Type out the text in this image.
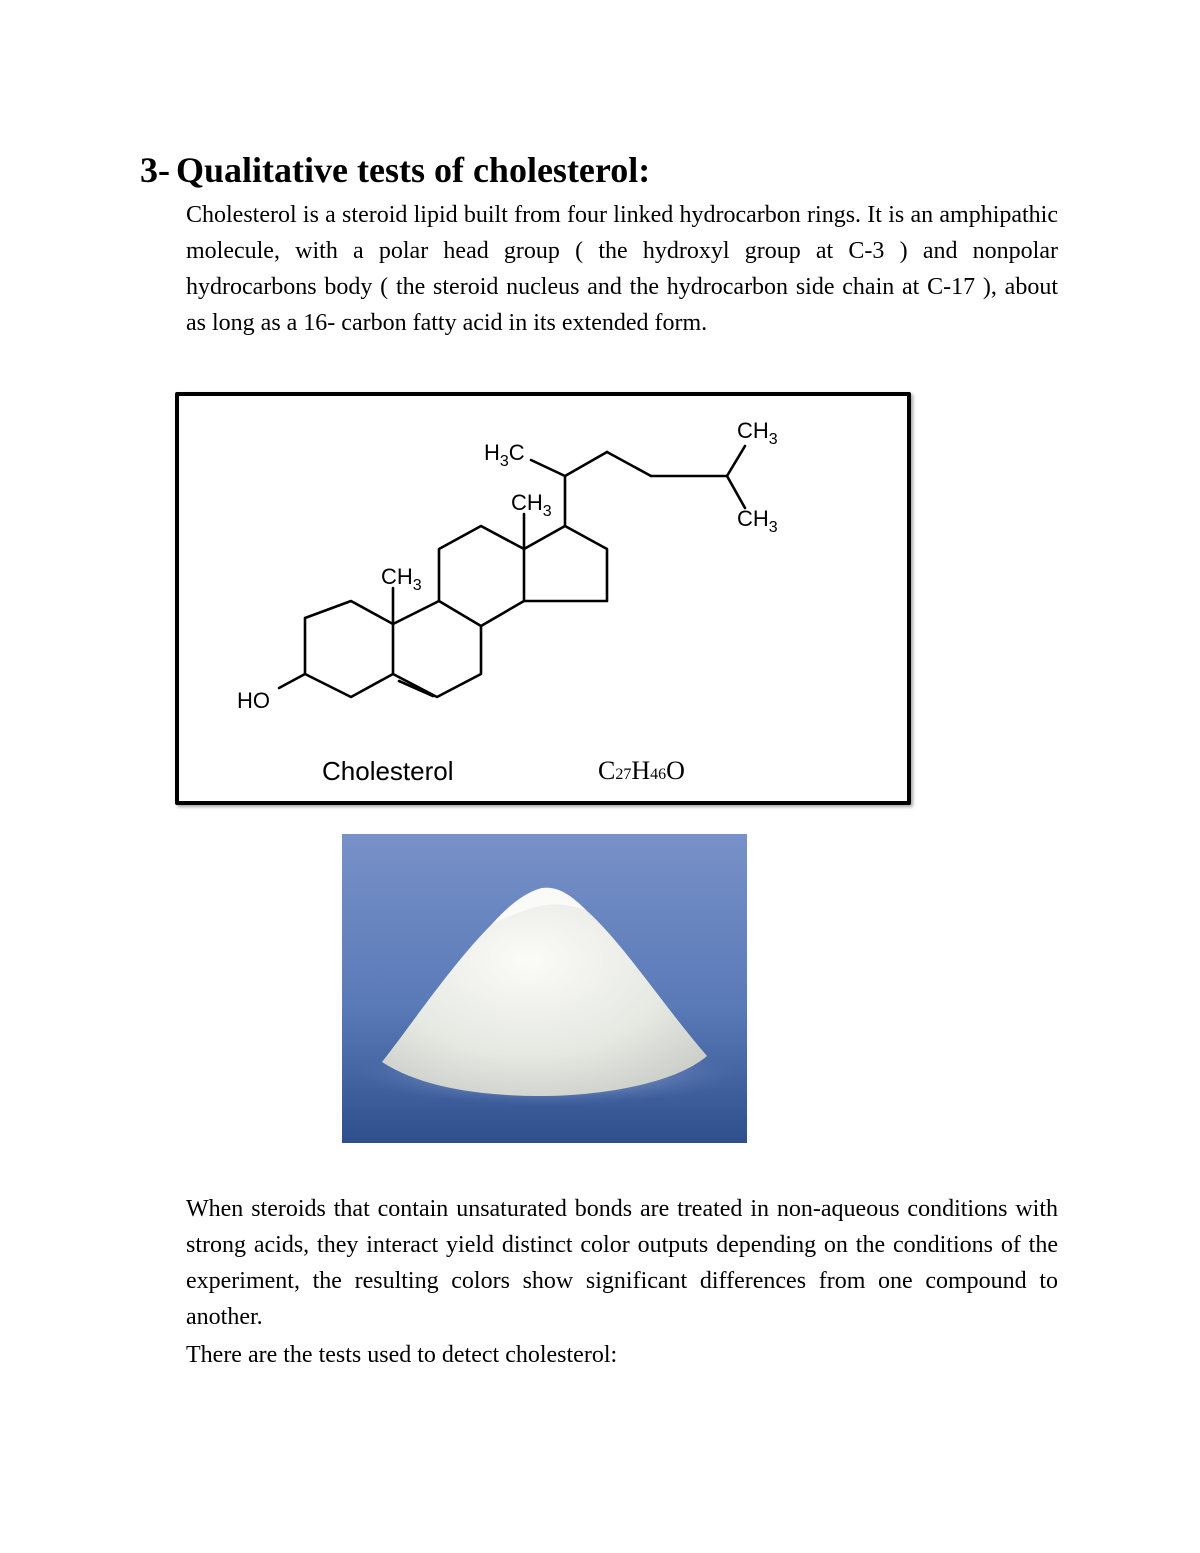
3- Qualitative tests of cholesterol:

Cholesterol is a steroid lipid built from four linked hydrocarbon rings. It is an amphipathic molecule, with a polar head group ( the hydroxyl group at C-3 ) and nonpolar hydrocarbons body ( the steroid nucleus and the hydrocarbon side chain at C-17 ), about as long as a 16- carbon fatty acid in its extended form.

$CH_3$
$CH_3$
$H_3C$
$CH_3$
$CH_3$
HO
Cholesterol	C27H46O

When steroids that contain unsaturated bonds are treated in non-aqueous conditions with strong acids, they interact yield distinct color outputs depending on the conditions of the experiment, the resulting colors show significant differences from one compound to another.

There are the tests used to detect cholesterol:
